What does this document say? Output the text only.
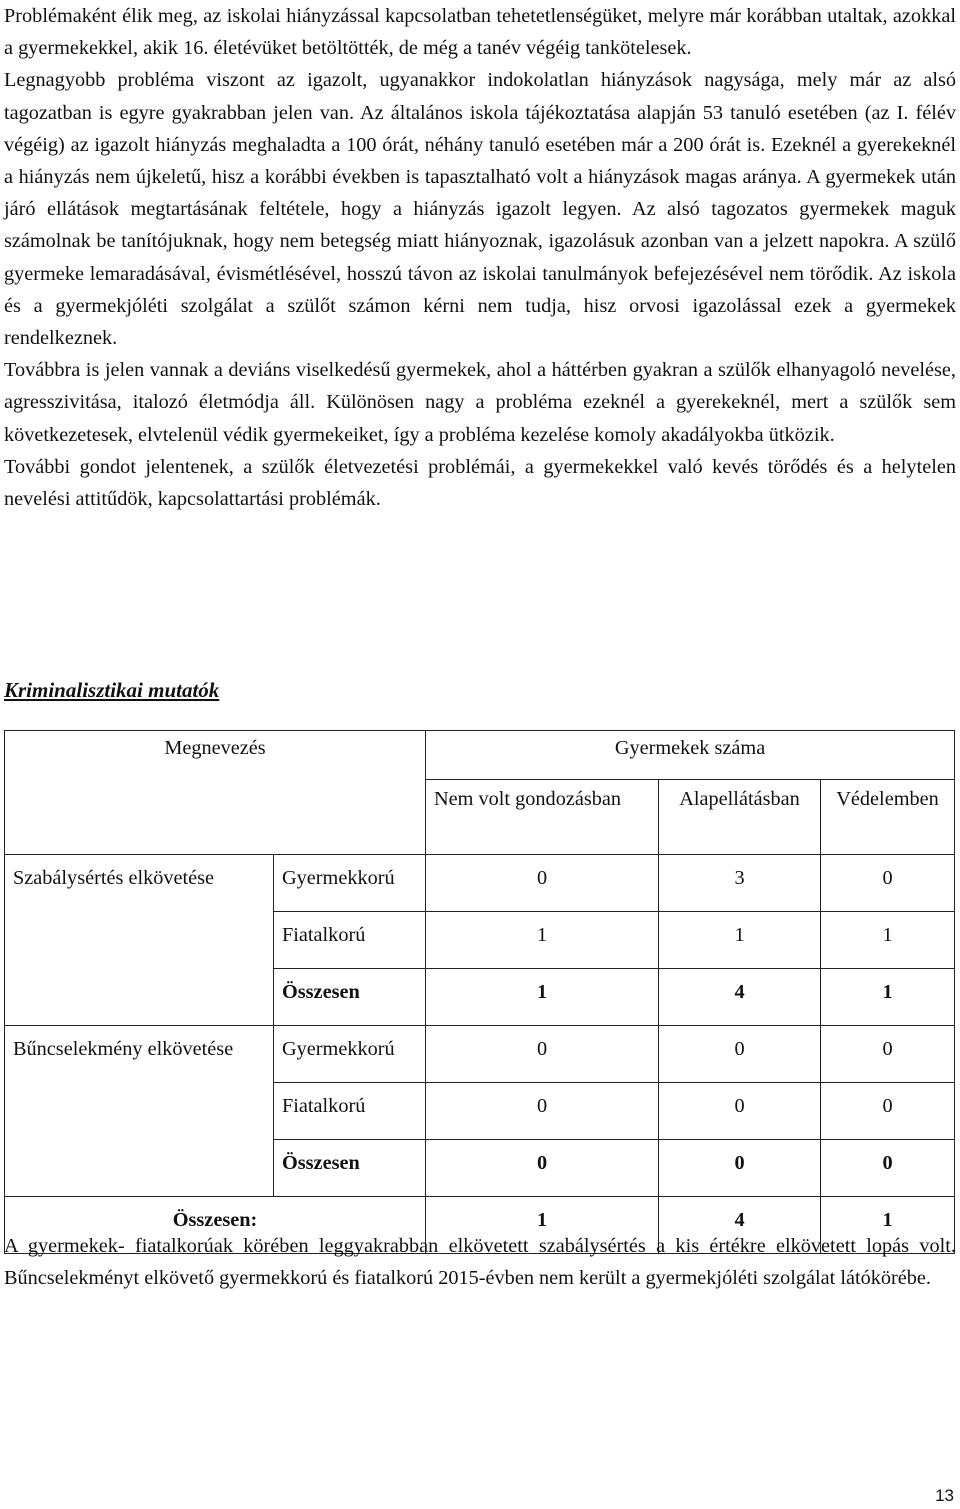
Problémaként élik meg, az iskolai hiányzással kapcsolatban tehetetlenségüket, melyre már korábban utaltak, azokkal a gyermekekkel, akik 16. életévüket betöltötték, de még a tanév végéig tankötelesek.

Legnagyobb probléma viszont az igazolt, ugyanakkor indokolatlan hiányzások nagysága, mely már az alsó tagozatban is egyre gyakrabban jelen van. Az általános iskola tájékoztatása alapján 53 tanuló esetében (az I. félév végéig) az igazolt hiányzás meghaladta a 100 órát, néhány tanuló esetében már a 200 órát is. Ezeknél a gyerekeknél a hiányzás nem újkeletű, hisz a korábbi években is tapasztalható volt a hiányzások magas aránya. A gyermekek után járó ellátások megtartásának feltétele, hogy a hiányzás igazolt legyen. Az alsó tagozatos gyermekek maguk számolnak be tanítójuknak, hogy nem betegség miatt hiányoznak, igazolásuk azonban van a jelzett napokra. A szülő gyermeke lemaradásával, évismétlésével, hosszú távon az iskolai tanulmányok befejezésével nem törődik. Az iskola és a gyermekjóléti szolgálat a szülőt számon kérni nem tudja, hisz orvosi igazolással ezek a gyermekek rendelkeznek.

Továbbra is jelen vannak a deviáns viselkedésű gyermekek, ahol a háttérben gyakran a szülők elhanyagoló nevelése, agresszivitása, italozó életmódja áll. Különösen nagy a probléma ezeknél a gyerekeknél, mert a szülők sem következetesek, elvtelenül védik gyermekeiket, így a probléma kezelése komoly akadályokba ütközik.

További gondot jelentenek, a szülők életvezetési problémái, a gyermekekkel való kevés törődés és a helytelen nevelési attitűdök, kapcsolattartási problémák.

Kriminalisztikai mutatók
Megnevezés		Gyermekek száma		
		Nem volt gondozásban	Alapellátásban	Védelemben
Szabálysértés elkövetése	Gyermekkorú	0	3	0
	Fiatalkorú	1	1	1
	Összesen	1	4	1
Bűncselekmény elkövetése	Gyermekkorú	0	0	0
	Fiatalkorú	0	0	0
	Összesen	0	0	0
Összesen:		1	4	1

A gyermekek- fiatalkorúak körében leggyakrabban elkövetett szabálysértés a kis értékre elkövetett lopás volt. Bűncselekményt elkövető gyermekkorú és fiatalkorú 2015-évben nem került a gyermekjóléti szolgálat látókörébe.

13
